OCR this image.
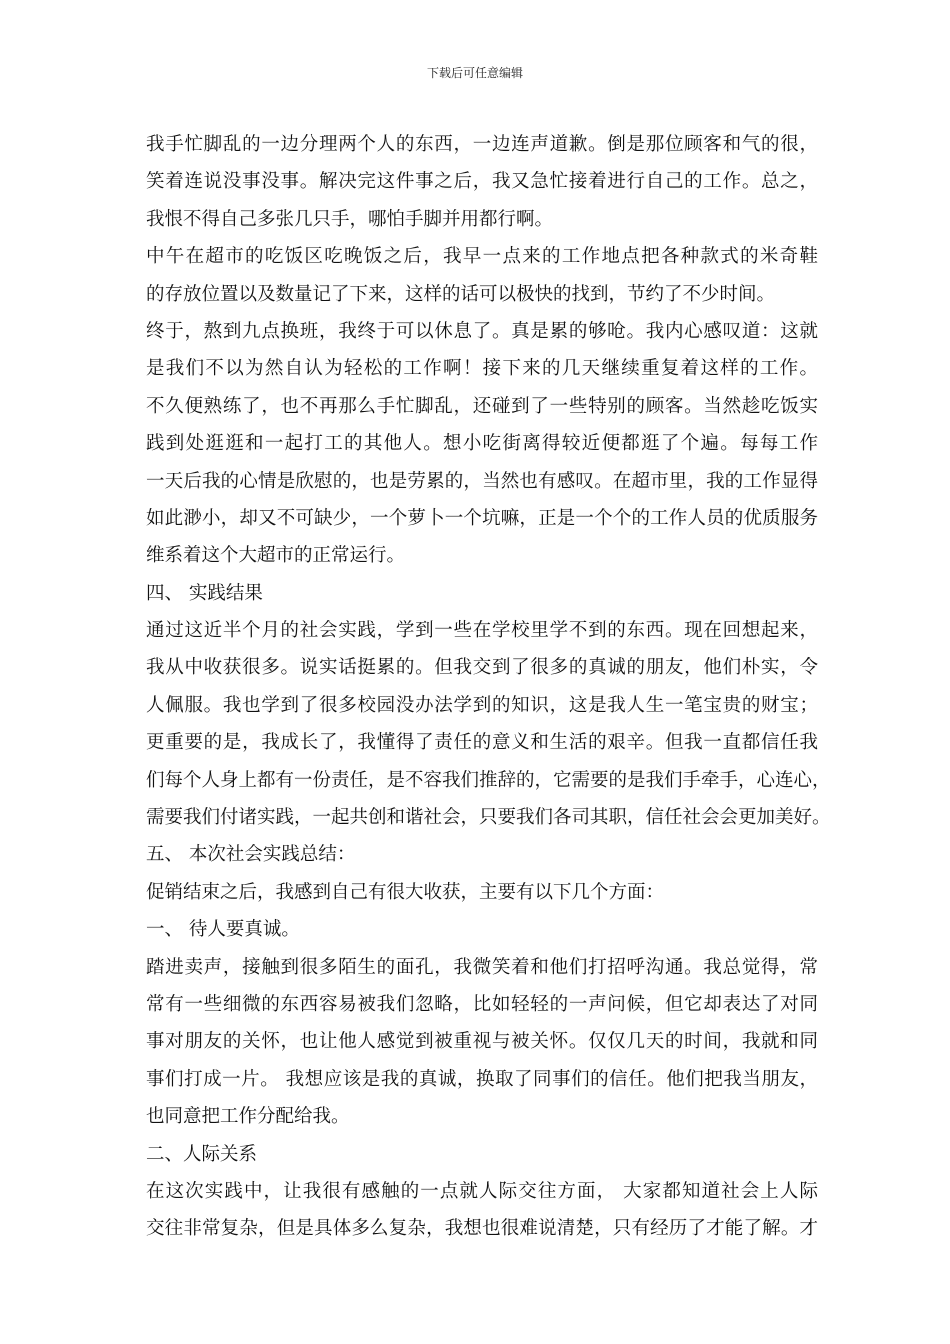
下载后可任意编辑
我手忙脚乱的一边分理两个人的东西，一边连声道歉。倒是那位顾客和气的很，
笑着连说没事没事。解决完这件事之后，我又急忙接着进行自己的工作。总之，
我恨不得自己多张几只手，哪怕手脚并用都行啊。
中午在超市的吃饭区吃晚饭之后，我早一点来的工作地点把各种款式的米奇鞋
的存放位置以及数量记了下来，这样的话可以极快的找到，节约了不少时间。
终于，熬到九点换班，我终于可以休息了。真是累的够呛。我内心感叹道：这就
是我们不以为然自认为轻松的工作啊！接下来的几天继续重复着这样的工作。
不久便熟练了，也不再那么手忙脚乱，还碰到了一些特别的顾客。当然趁吃饭实
践到处逛逛和一起打工的其他人。想小吃街离得较近便都逛了个遍。每每工作
一天后我的心情是欣慰的，也是劳累的，当然也有感叹。在超市里，我的工作显得
如此渺小，却又不可缺少，一个萝卜一个坑嘛，正是一个个的工作人员的优质服务
维系着这个大超市的正常运行。
四、 实践结果
通过这近半个月的社会实践，学到一些在学校里学不到的东西。现在回想起来，
我从中收获很多。说实话挺累的。但我交到了很多的真诚的朋友，他们朴实，令
人佩服。我也学到了很多校园没办法学到的知识，这是我人生一笔宝贵的财宝；
更重要的是，我成长了，我懂得了责任的意义和生活的艰辛。但我一直都信任我
们每个人身上都有一份责任，是不容我们推辞的，它需要的是我们手牵手，心连心，
需要我们付诸实践，一起共创和谐社会，只要我们各司其职，信任社会会更加美好。
五、 本次社会实践总结：
促销结束之后，我感到自己有很大收获，主要有以下几个方面：
一、 待人要真诚。
踏进卖声，接触到很多陌生的面孔，我微笑着和他们打招呼沟通。我总觉得，常
常有一些细微的东西容易被我们忽略，比如轻轻的一声问候，但它却表达了对同
事对朋友的关怀，也让他人感觉到被重视与被关怀。仅仅几天的时间，我就和同
事们打成一片。 我想应该是我的真诚，换取了同事们的信任。他们把我当朋友，
也同意把工作分配给我。
二、人际关系
在这次实践中，让我很有感触的一点就人际交往方面， 大家都知道社会上人际
交往非常复杂，但是具体多么复杂，我想也很难说清楚，只有经历了才能了解。才
